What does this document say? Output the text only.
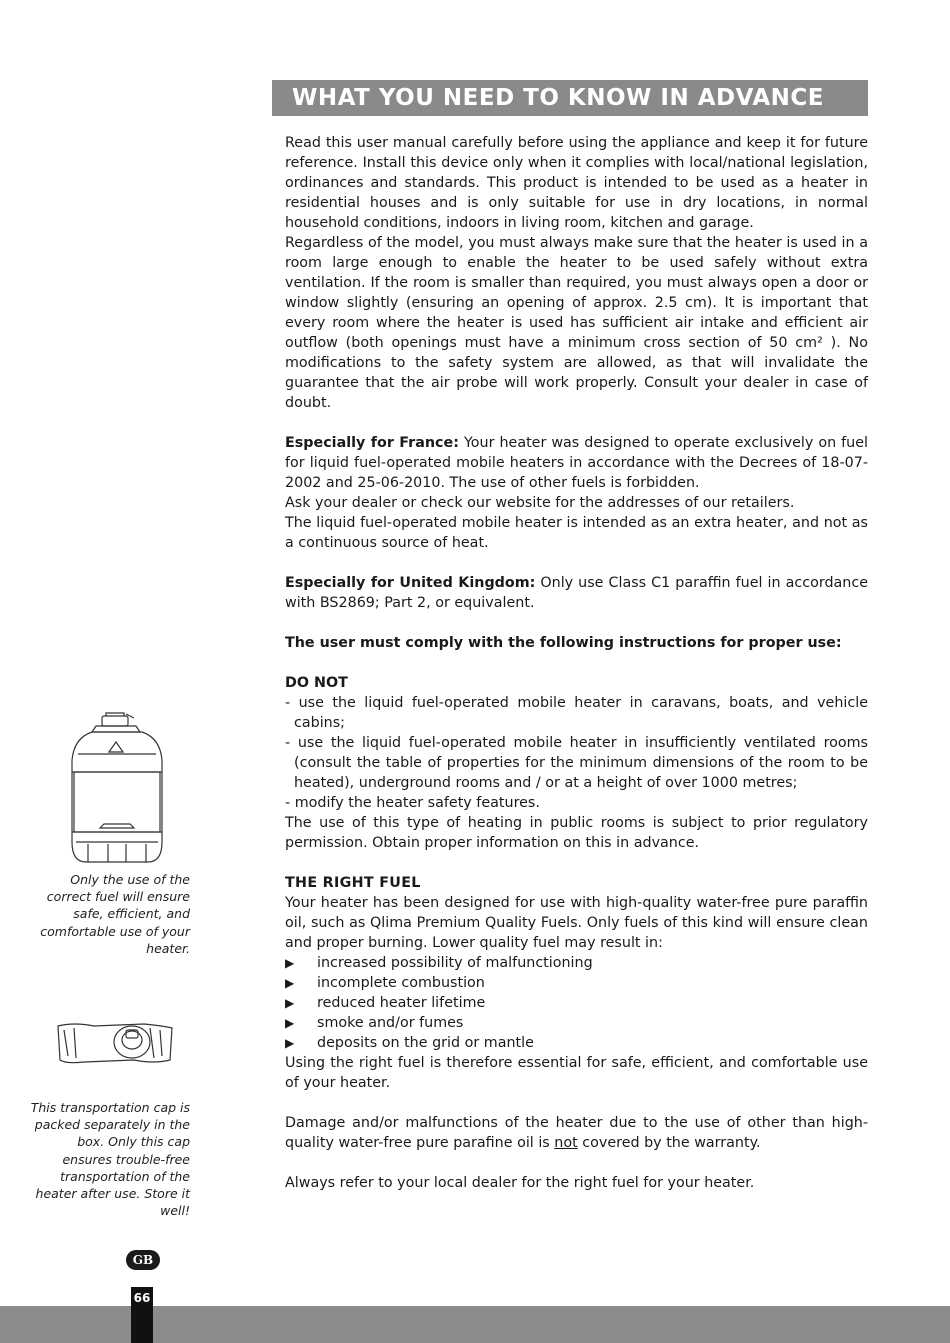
WHAT YOU NEED TO KNOW IN ADVANCE

Read this user manual carefully before using the appliance and keep it for future reference. Install this device only when it complies with local/national legislation, ordinances and standards. This product is intended to be used as a heater in residential houses and is only suitable for use in dry locations, in normal household conditions, indoors in living room, kitchen and garage.

Regardless of the model, you must always make sure that the heater is used in a room large enough to enable the heater to be used safely without extra ventilation. If the room is smaller than required, you must always open a door or window slightly (ensuring an opening of approx. 2.5 cm). It is important that every room where the heater is used has sufficient air intake and efficient air outflow (both openings must have a minimum cross section of 50 cm² ). No modifications to the safety system are allowed, as that will invalidate the guarantee that the air probe will work properly. Consult your dealer in case of doubt.

Especially for France: Your heater was designed to operate exclusively on fuel for liquid fuel-operated mobile heaters in accordance with the Decrees of 18-07-2002 and 25-06-2010. The use of other fuels is forbidden.

Ask your dealer or check our website for the addresses of our retailers.

The liquid fuel-operated mobile heater is intended as an extra heater, and not as a continuous source of heat.

Especially for United Kingdom: Only use Class C1 paraffin fuel in accordance with BS2869; Part 2, or equivalent.

The user must comply with the following instructions for proper use:

DO NOT

- use the liquid fuel-operated mobile heater in caravans, boats, and vehicle cabins;

- use the liquid fuel-operated mobile heater in insufficiently ventilated rooms (consult the table of properties for the minimum dimensions of the room to be heated), underground rooms and / or at a height of over 1000 metres;

- modify the heater safety features.

The use of this type of heating in public rooms is subject to prior regulatory permission. Obtain proper information on this in advance.

THE RIGHT FUEL

Your heater has been designed for use with high-quality water-free pure paraffin oil, such as Qlima Premium Quality Fuels. Only fuels of this kind will ensure clean and proper burning. Lower quality fuel may result in:

▶ increased possibility of malfunctioning
▶ incomplete combustion
▶ reduced heater lifetime
▶ smoke and/or fumes
▶ deposits on the grid or mantle

Using the right fuel is therefore essential for safe, efficient, and comfortable use of your heater.

Damage and/or malfunctions of the heater due to the use of other than high-quality water-free pure parafine oil is not covered by the warranty.

Always refer to your local dealer for the right fuel for your heater.

Only the use of the correct fuel will ensure safe, efficient, and comfortable use of your heater.
This transportation cap is packed separately in the box. Only this cap ensures trouble-free transportation of the heater after use. Store it well!
GB
66
